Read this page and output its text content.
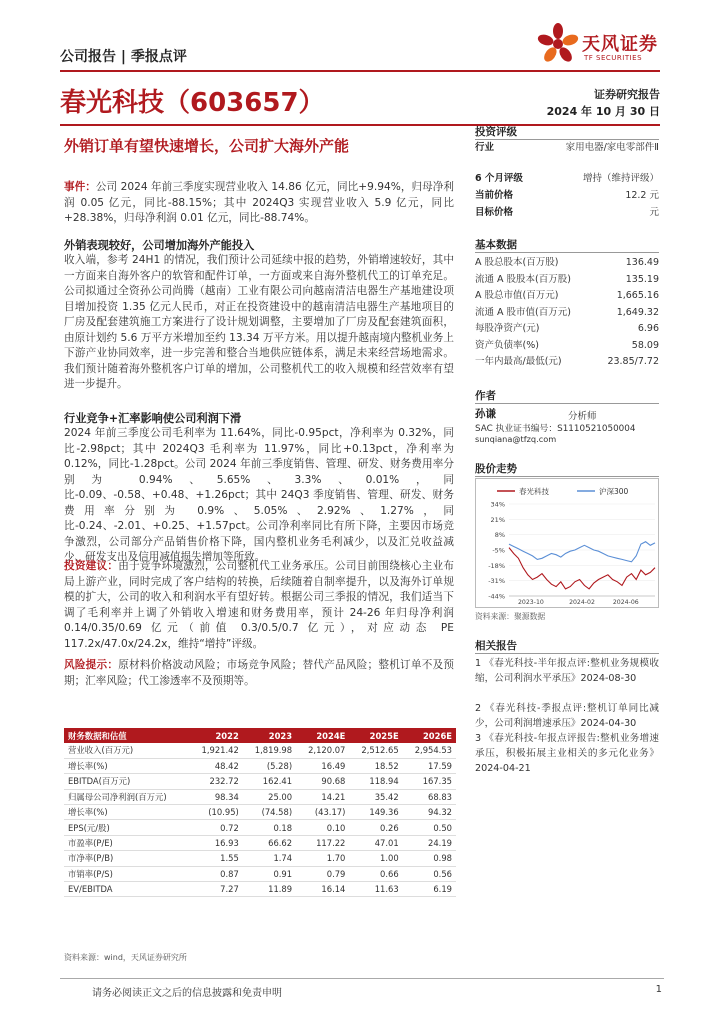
公司报告 | 季报点评
天风证券
TF SECURITIES
春光科技（603657）	证券研究报告
2024 年 10 月 30 日
外销订单有望快速增长，公司扩大海外产能
事件：公司 2024 年前三季度实现营业收入 14.86 亿元，同比+9.94%，归母净利润 0.05 亿元，同比-88.15%；其中 2024Q3 实现营业收入 5.9 亿元，同比+28.38%，归母净利润 0.01 亿元，同比-88.74%。
外销表现较好，公司增加海外产能投入
收入端，参考 24H1 的情况，我们预计公司延续中报的趋势，外销增速较好，其中一方面来自海外客户的软管和配件订单，一方面或来自海外整机代工的订单充足。公司拟通过全资孙公司尚腾（越南）工业有限公司向越南清洁电器生产基地建设项目增加投资 1.35 亿元人民币，对正在投资建设中的越南清洁电器生产基地项目的厂房及配套建筑施工方案进行了设计规划调整，主要增加了厂房及配套建筑面积，由原计划约 5.6 万平方米增加至约 13.34 万平方米。用以提升越南境内整机业务上下游产业协同效率，进一步完善和整合当地供应链体系，满足未来经营场地需求。我们预计随着海外整机客户订单的增加，公司整机代工的收入规模和经营效率有望进一步提升。
行业竞争+汇率影响使公司利润下滑
2024 年前三季度公司毛利率为 11.64%，同比-0.95pct，净利率为 0.32%，同比-2.98pct；其中 2024Q3 毛利率为 11.97%，同比+0.13pct，净利率为 0.12%，同比-1.28pct。公司 2024 年前三季度销售、管理、研发、财务费用率分别为 0.94%、5.65%、3.3%、0.01%，同比-0.09、-0.58、+0.48、+1.26pct；其中 24Q3 季度销售、管理、研发、财务费用率分别为 0.9%、5.05%、2.92%、1.27%，同比-0.24、-2.01、+0.25、+1.57pct。公司净利率同比有所下降，主要因市场竞争激烈，公司部分产品销售价格下降，国内整机业务毛利减少，以及汇兑收益减少、研发支出及信用减值损失增加等所致。
投资建议：由于竞争环境激烈，公司整机代工业务承压。公司目前围绕核心主业布局上游产业，同时完成了客户结构的转换，后续随着自制率提升，以及海外订单规模的扩大，公司的收入和利润水平有望好转。根据公司三季报的情况，我们适当下调了毛利率并上调了外销收入增速和财务费用率，预计 24-26 年归母净利润 0.14/0.35/0.69 亿元（前值 0.3/0.5/0.7 亿元），对应动态 PE 117.2x/47.0x/24.2x，维持“增持”评级。
风险提示：原材料价格波动风险；市场竞争风险；替代产品风险；整机订单不及预期；汇率风险；代工渗透率不及预期等。
投资评级
行业	家用电器/家电零部件Ⅱ
6 个月评级	增持（维持评级）
当前价格	12.2 元
目标价格	元
基本数据
A 股总股本(百万股)	136.49
流通 A 股股本(百万股)	135.19
A 股总市值(百万元)	1,665.16
流通 A 股市值(百万元)	1,649.32
每股净资产(元)	6.96
资产负债率(%)	58.09
一年内最高/最低(元)	23.85/7.72
作者
孙谦	分析师
SAC 执业证书编号：S1110521050004
sunqiana@tfzq.com
股价走势
春光科技	沪深300
34%
21%
8%
-5%
-18%
-31%
-44%
2023-10	2024-02	2024-06
资料来源：聚源数据
相关报告
1 《春光科技-半年报点评:整机业务规模收缩，公司利润水平承压》2024-08-30
2 《春光科技-季报点评:整机订单同比减少，公司利润增速承压》2024-04-30
3 《春光科技-年报点评报告:整机业务增速承压，积极拓展主业相关的多元化业务》 2024-04-21
财务数据和估值	2022	2023	2024E	2025E	2026E
营业收入(百万元)	1,921.42	1,819.98	2,120.07	2,512.65	2,954.53
增长率(%)	48.42	(5.28)	16.49	18.52	17.59
EBITDA(百万元)	232.72	162.41	90.68	118.94	167.35
归属母公司净利润(百万元)	98.34	25.00	14.21	35.42	68.83
增长率(%)	(10.95)	(74.58)	(43.17)	149.36	94.32
EPS(元/股)	0.72	0.18	0.10	0.26	0.50
市盈率(P/E)	16.93	66.62	117.22	47.01	24.19
市净率(P/B)	1.55	1.74	1.70	1.00	0.98
市销率(P/S)	0.87	0.91	0.79	0.66	0.56
EV/EBITDA	7.27	11.89	16.14	11.63	6.19
资料来源：wind，天风证券研究所
请务必阅读正文之后的信息披露和免责申明	1
